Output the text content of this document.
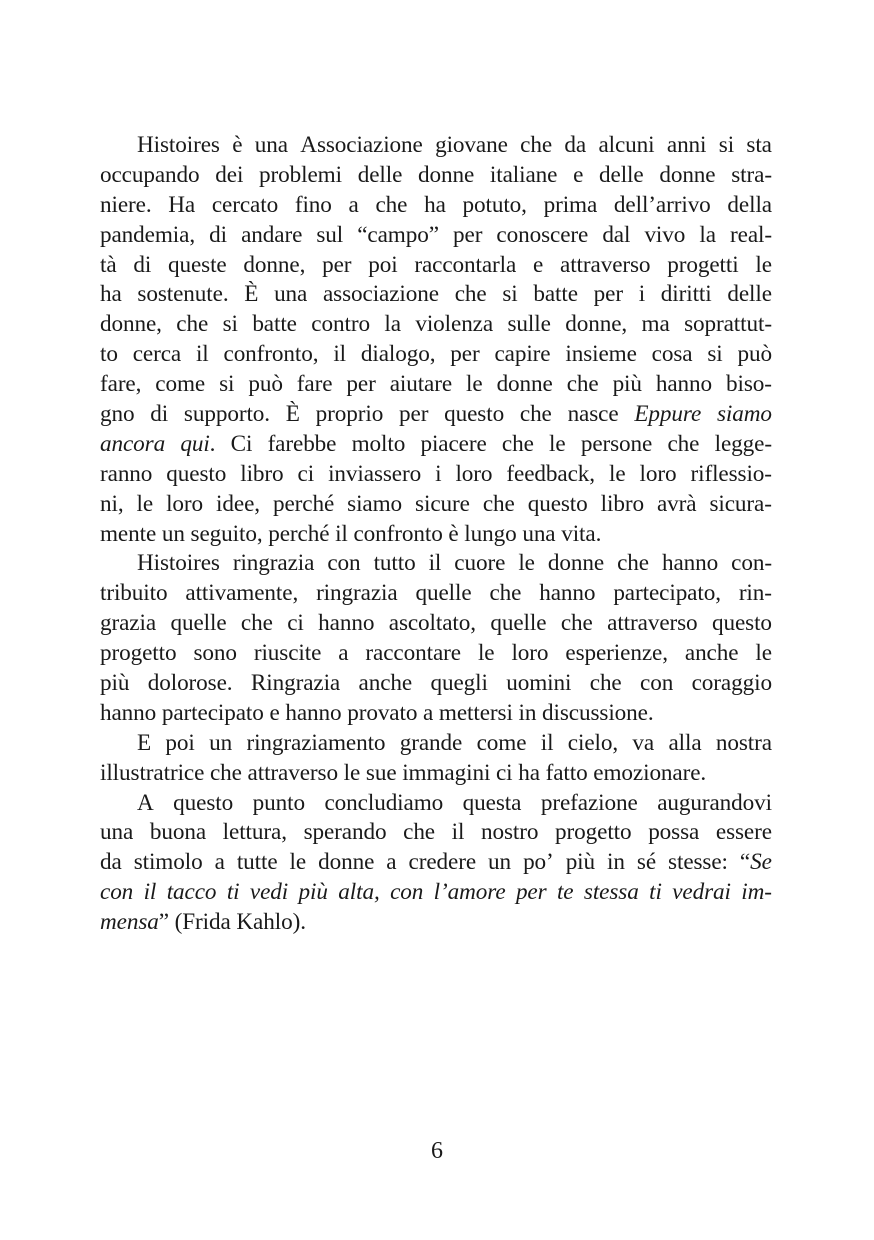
Histoires è una Associazione giovane che da alcuni anni si sta
occupando dei problemi delle donne italiane e delle donne stra-
niere. Ha cercato fino a che ha potuto, prima dell’arrivo della
pandemia, di andare sul “campo” per conoscere dal vivo la real-
tà di queste donne, per poi raccontarla e attraverso progetti le
ha sostenute. È una associazione che si batte per i diritti delle
donne, che si batte contro la violenza sulle donne, ma soprattut-
to cerca il confronto, il dialogo, per capire insieme cosa si può
fare, come si può fare per aiutare le donne che più hanno biso-
gno di supporto. È proprio per questo che nasce Eppure siamo
ancora qui. Ci farebbe molto piacere che le persone che legge-
ranno questo libro ci inviassero i loro feedback, le loro riflessio-
ni, le loro idee, perché siamo sicure che questo libro avrà sicura-
mente un seguito, perché il confronto è lungo una vita.
Histoires ringrazia con tutto il cuore le donne che hanno con-
tribuito attivamente, ringrazia quelle che hanno partecipato, rin-
grazia quelle che ci hanno ascoltato, quelle che attraverso questo
progetto sono riuscite a raccontare le loro esperienze, anche le
più dolorose. Ringrazia anche quegli uomini che con coraggio
hanno partecipato e hanno provato a mettersi in discussione.
E poi un ringraziamento grande come il cielo, va alla nostra
illustratrice che attraverso le sue immagini ci ha fatto emozionare.
A questo punto concludiamo questa prefazione augurandovi
una buona lettura, sperando che il nostro progetto possa essere
da stimolo a tutte le donne a credere un po’ più in sé stesse: “Se
con il tacco ti vedi più alta, con l’amore per te stessa ti vedrai im-
mensa” (Frida Kahlo).
6
